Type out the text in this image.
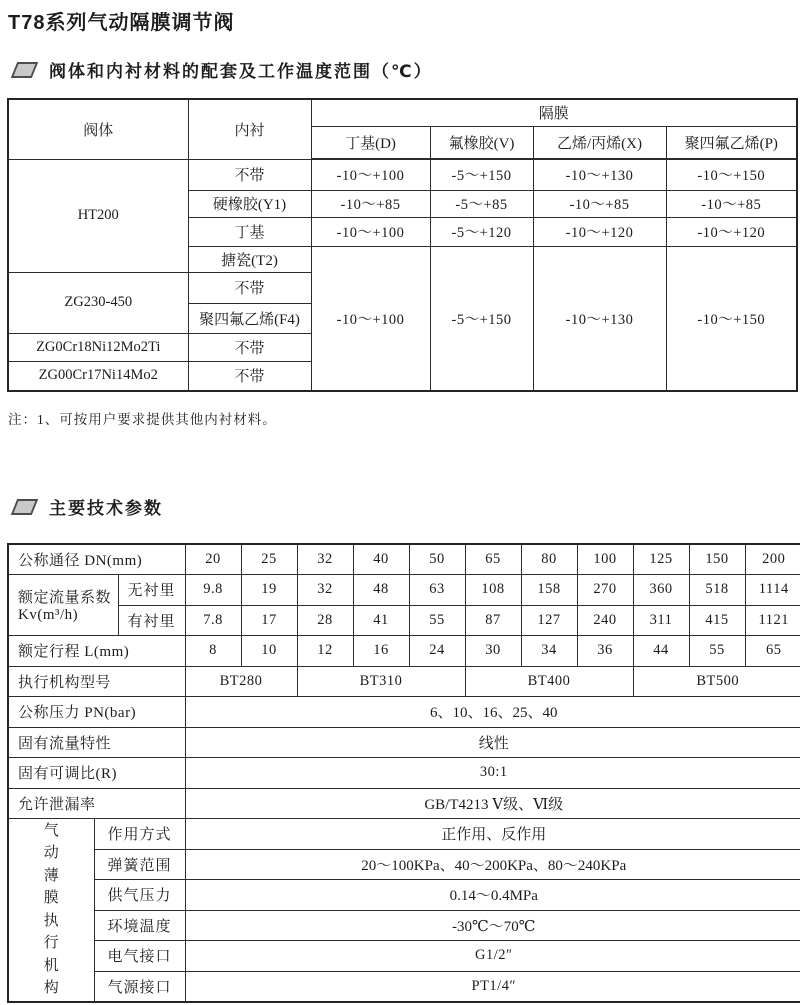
T78系列气动隔膜调节阀
阀体和内衬材料的配套及工作温度范围（℃）
阀体	内衬	隔膜			
		丁基(D)	氟橡胶(V)	乙烯/丙烯(X)	聚四氟乙烯(P)
HT200	不带	-10～+100	-5～+150	-10～+130	-10～+150
	硬橡胶(Y1)	-10～+85	-5～+85	-10～+85	-10～+85
	丁基	-10～+100	-5～+120	-10～+120	-10～+120
	搪瓷(T2)	-10～+100	-5～+150	-10～+130	-10～+150
ZG230-450	不带				
	聚四氟乙烯(F4)				
ZG0Cr18Ni12Mo2Ti	不带				
ZG00Cr17Ni14Mo2	不带				

注：1、可按用户要求提供其他内衬材料。

主要技术参数
公称通径 DN(mm)			20	25	32	40	50	65	80	100	125	150	200
额定流量系数Kv(m³/h)		无衬里	9.8	19	32	48	63	108	158	270	360	518	1114
		有衬里	7.8	17	28	41	55	87	127	240	311	415	1121
额定行程 L(mm)			8	10	12	16	24	30	34	36	44	55	65
执行机构型号			BT280		BT310			BT400			BT500		
公称压力 PN(bar)			6、10、16、25、40										
固有流量特性			线性										
固有可调比(R)			30:1										
允许泄漏率			GB/T4213 Ⅴ级、Ⅵ级										

气动薄膜执行机构	作用方式		正作用、反作用										
	弹簧范围		20～100KPa、40～200KPa、80～240KPa										
	供气压力		0.14～0.4MPa										
	环境温度		-30℃～70℃										
	电气接口		G1/2″										
	气源接口		PT1/4″										
